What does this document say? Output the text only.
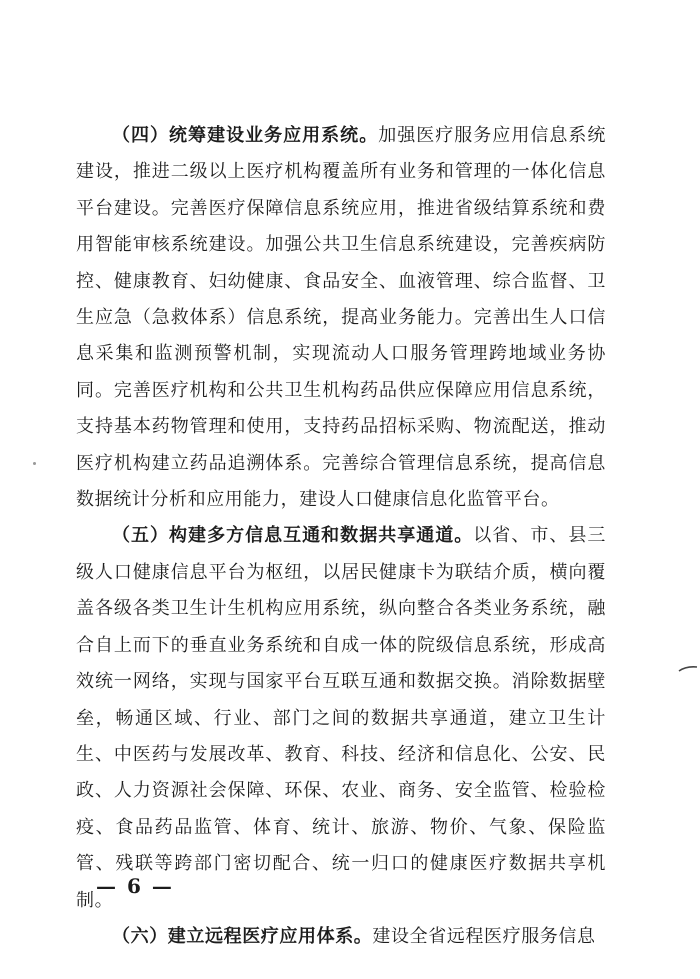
（四）统筹建设业务应用系统。加强医疗服务应用信息系统建设，推进二级以上医疗机构覆盖所有业务和管理的一体化信息平台建设。完善医疗保障信息系统应用，推进省级结算系统和费用智能审核系统建设。加强公共卫生信息系统建设，完善疾病防控、健康教育、妇幼健康、食品安全、血液管理、综合监督、卫生应急（急救体系）信息系统，提高业务能力。完善出生人口信息采集和监测预警机制，实现流动人口服务管理跨地域业务协同。完善医疗机构和公共卫生机构药品供应保障应用信息系统，支持基本药物管理和使用，支持药品招标采购、物流配送，推动医疗机构建立药品追溯体系。完善综合管理信息系统，提高信息数据统计分析和应用能力，建设人口健康信息化监管平台。

（五）构建多方信息互通和数据共享通道。以省、市、县三级人口健康信息平台为枢纽，以居民健康卡为联结介质，横向覆盖各级各类卫生计生机构应用系统，纵向整合各类业务系统，融合自上而下的垂直业务系统和自成一体的院级信息系统，形成高效统一网络，实现与国家平台互联互通和数据交换。消除数据壁垒，畅通区域、行业、部门之间的数据共享通道，建立卫生计生、中医药与发展改革、教育、科技、经济和信息化、公安、民政、人力资源社会保障、环保、农业、商务、安全监管、检验检疫、食品药品监管、体育、统计、旅游、物价、气象、保险监管、残联等跨部门密切配合、统一归口的健康医疗数据共享机制。

（六）建立远程医疗应用体系。建设全省远程医疗服务信息

— 6 —
